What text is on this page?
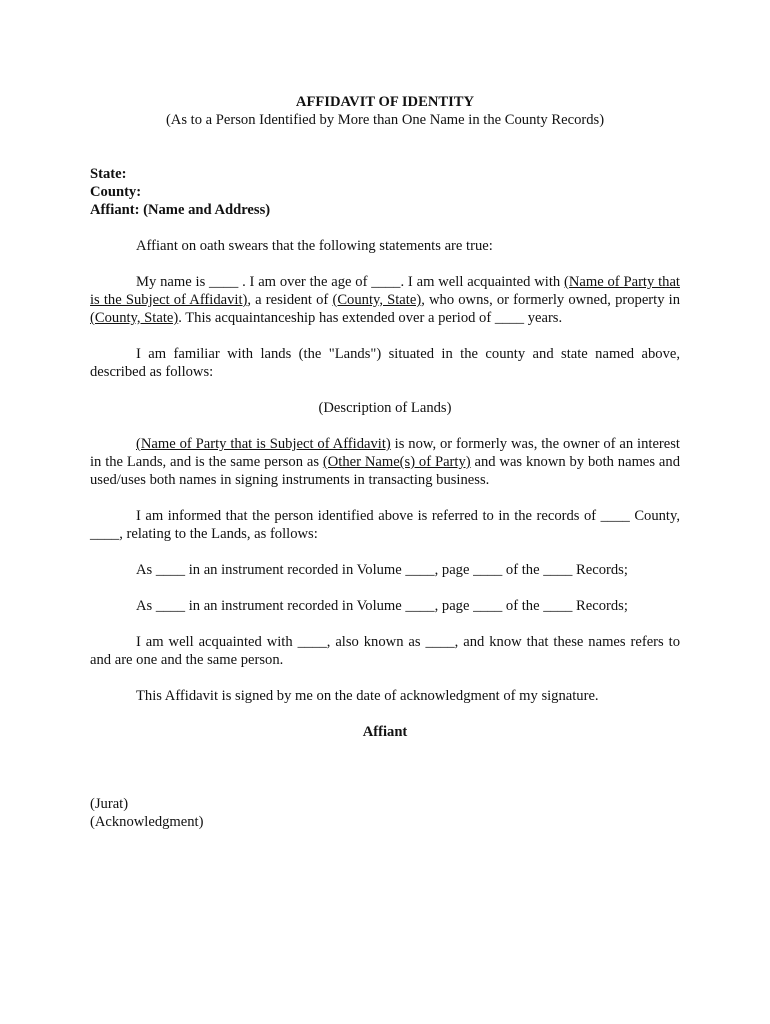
AFFIDAVIT OF IDENTITY
(As to a Person Identified by More than One Name in the County Records)
State:
County:
Affiant: (Name and Address)

Affiant on oath swears that the following statements are true:

My name is ____ . I am over the age of ____. I am well acquainted with (Name of Party that is the Subject of Affidavit), a resident of (County, State), who owns, or formerly owned, property in (County, State). This acquaintanceship has extended over a period of ____ years.

I am familiar with lands (the "Lands") situated in the county and state named above, described as follows:

(Description of Lands)

(Name of Party that is Subject of Affidavit) is now, or formerly was, the owner of an interest in the Lands, and is the same person as (Other Name(s) of Party) and was known by both names and used/uses both names in signing instruments in transacting business.

I am informed that the person identified above is referred to in the records of ____ County, ____, relating to the Lands, as follows:

As ____ in an instrument recorded in Volume ____, page ____ of the ____ Records;

As ____ in an instrument recorded in Volume ____, page ____ of the ____ Records;

I am well acquainted with ____, also known as ____, and know that these names refers to and are one and the same person.

This Affidavit is signed by me on the date of acknowledgment of my signature.

Affiant
(Jurat)
(Acknowledgment)
